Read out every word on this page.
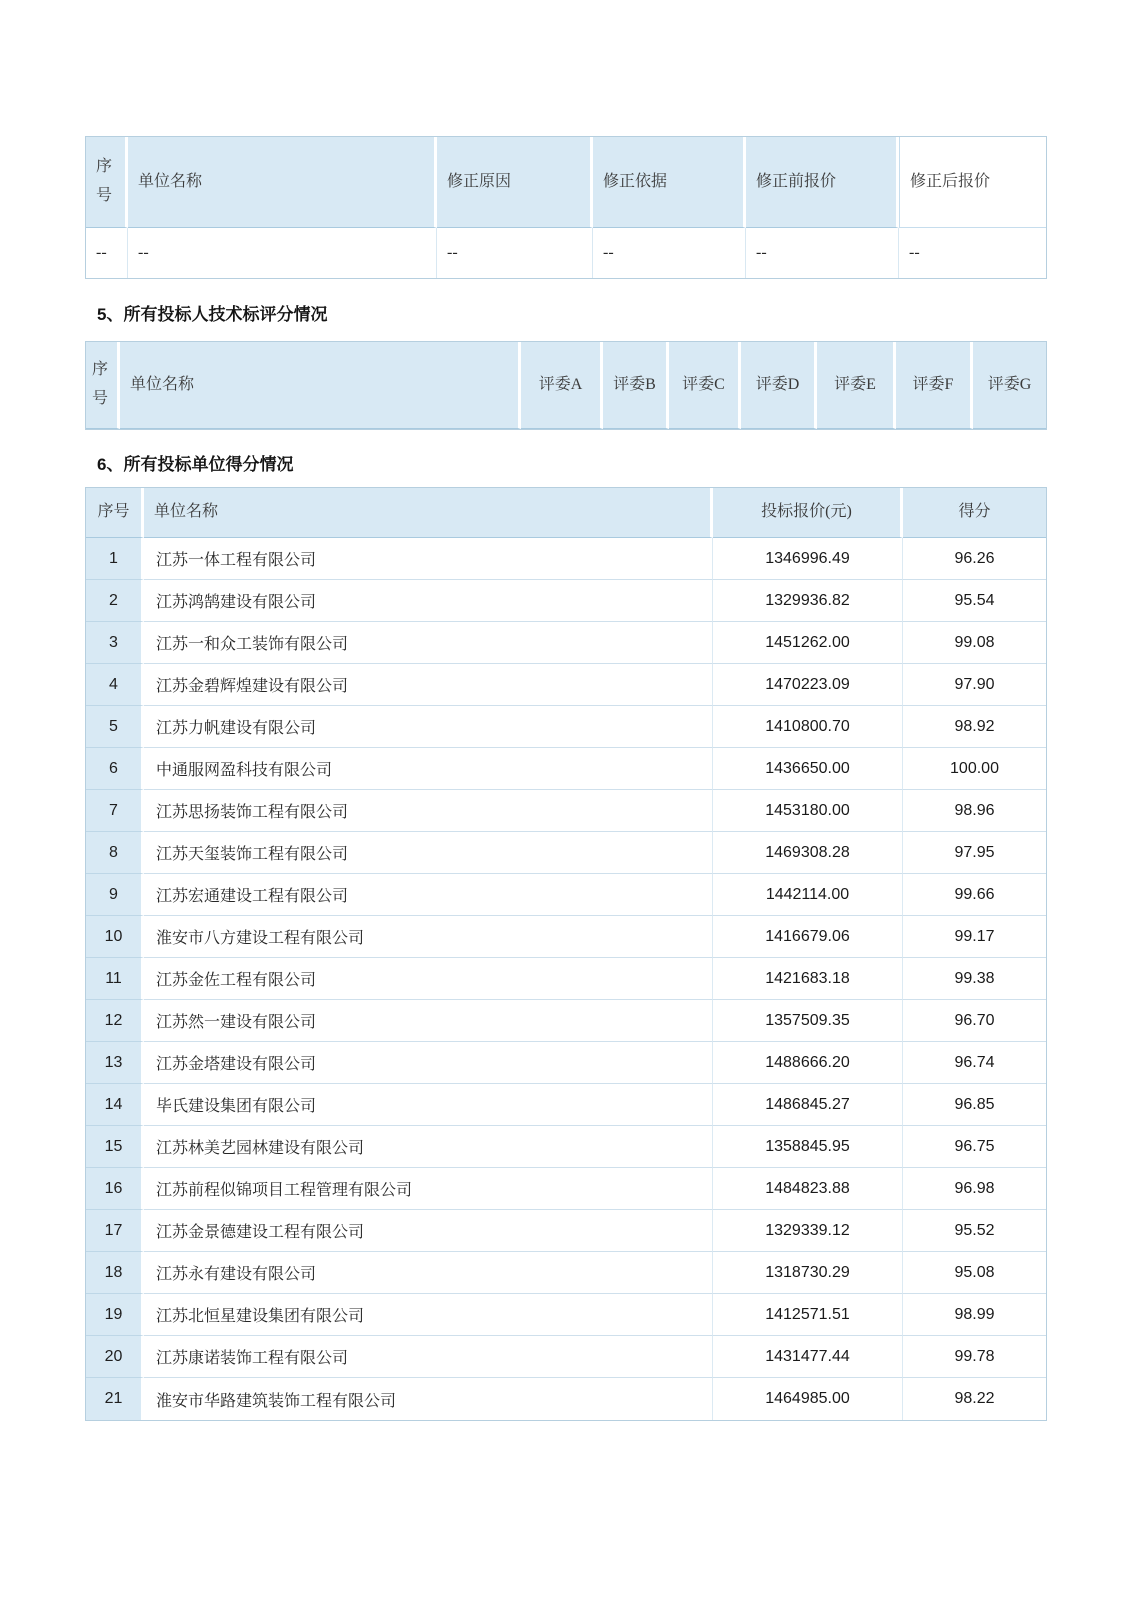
序号	单位名称	修正原因	修正依据	修正前报价	修正后报价
--	--	--	--	--	--
5、所有投标人技术标评分情况
序号	单位名称	评委A	评委B	评委C	评委D	评委E	评委F	评委G
6、所有投标单位得分情况
序号	单位名称	投标报价(元)	得分
1	江苏一体工程有限公司	1346996.49	96.26
2	江苏鸿鹄建设有限公司	1329936.82	95.54
3	江苏一和众工装饰有限公司	1451262.00	99.08
4	江苏金碧辉煌建设有限公司	1470223.09	97.90
5	江苏力帆建设有限公司	1410800.70	98.92
6	中通服网盈科技有限公司	1436650.00	100.00
7	江苏思扬装饰工程有限公司	1453180.00	98.96
8	江苏天玺装饰工程有限公司	1469308.28	97.95
9	江苏宏通建设工程有限公司	1442114.00	99.66
10	淮安市八方建设工程有限公司	1416679.06	99.17
11	江苏金佐工程有限公司	1421683.18	99.38
12	江苏然一建设有限公司	1357509.35	96.70
13	江苏金塔建设有限公司	1488666.20	96.74
14	毕氏建设集团有限公司	1486845.27	96.85
15	江苏林美艺园林建设有限公司	1358845.95	96.75
16	江苏前程似锦项目工程管理有限公司	1484823.88	96.98
17	江苏金景德建设工程有限公司	1329339.12	95.52
18	江苏永有建设有限公司	1318730.29	95.08
19	江苏北恒星建设集团有限公司	1412571.51	98.99
20	江苏康诺装饰工程有限公司	1431477.44	99.78
21	淮安市华路建筑装饰工程有限公司	1464985.00	98.22
